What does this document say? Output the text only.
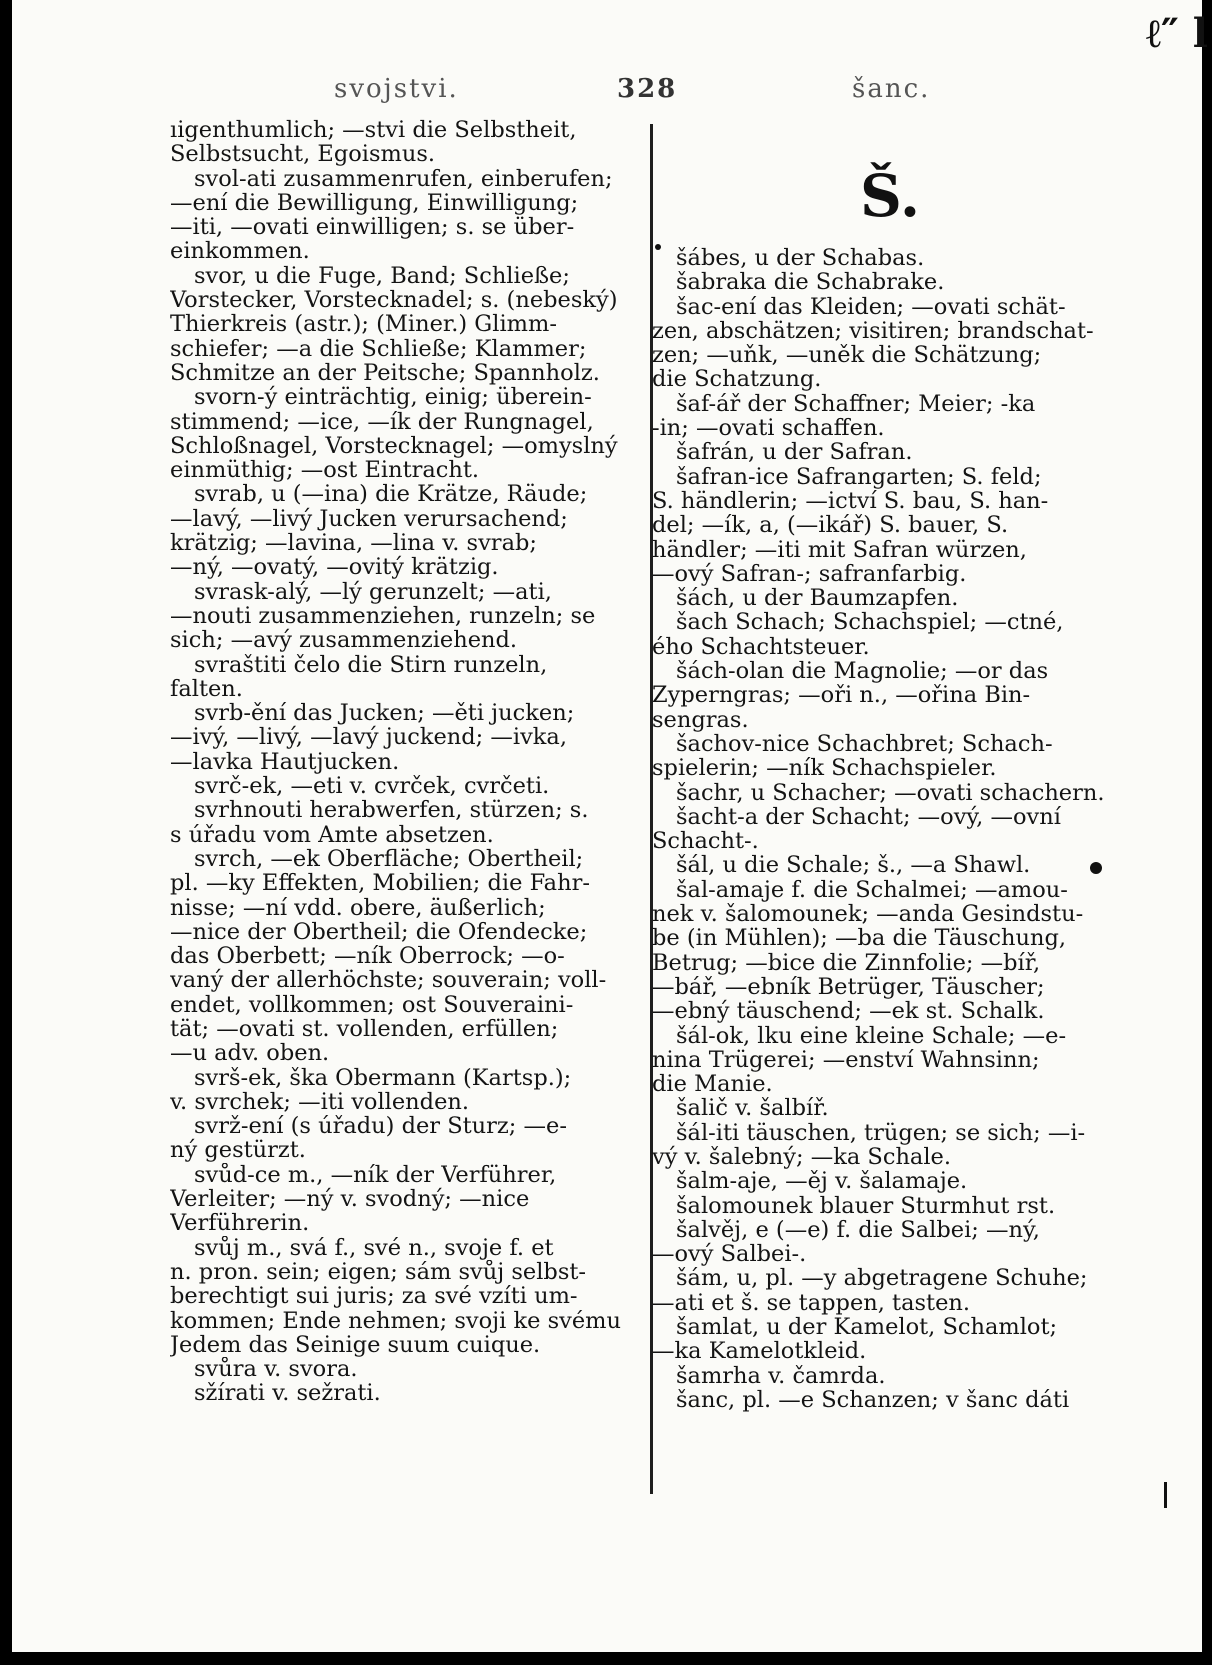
svojstvi.	328	šanc.
ıigenthumlich; —stvi die Selbstheit,
Selbstsucht, Egoismus.
svol-ati zusammenrufen, einberufen;
—ení die Bewilligung, Einwilligung;
—iti, —ovati einwilligen; s. se über-
einkommen.
svor, u die Fuge, Band; Schließe;
Vorstecker, Vorstecknadel; s. (nebeský)
Thierkreis (astr.); (Miner.) Glimm-
schiefer; —a die Schließe; Klammer;
Schmitze an der Peitsche; Spannholz.
svorn-ý einträchtig, einig; überein-
stimmend; —ice, —ík der Rungnagel,
Schloßnagel, Vorstecknagel; —omyslný
einmüthig; —ost Eintracht.
svrab, u (—ina) die Krätze, Räude;
—lavý, —livý Jucken verursachend;
krätzig; —lavina, —lina v. svrab;
—ný, —ovatý, —ovitý krätzig.
svrask-alý, —lý gerunzelt; —ati,
—nouti zusammenziehen, runzeln; se
sich; —avý zusammenziehend.
svraštiti čelo die Stirn runzeln,
falten.
svrb-ění das Jucken; —ěti jucken;
—ivý, —livý, —lavý juckend; —ivka,
—lavka Hautjucken.
svrč-ek, —eti v. cvrček, cvrčeti.
svrhnouti herabwerfen, stürzen; s.
s úřadu vom Amte absetzen.
svrch, —ek Oberfläche; Obertheil;
pl. —ky Effekten, Mobilien; die Fahr-
nisse; —ní vdd. obere, äußerlich;
—nice der Obertheil; die Ofendecke;
das Oberbett; —ník Oberrock; —o-
vaný der allerhöchste; souverain; voll-
endet, vollkommen; ost Souveraini-
tät; —ovati st. vollenden, erfüllen;
—u adv. oben.
svrš-ek, ška Obermann (Kartsp.);
v. svrchek; —iti vollenden.
svrž-ení (s úřadu) der Sturz; —e-
ný gestürzt.
svůd-ce m., —ník der Verführer,
Verleiter; —ný v. svodný; —nice
Verführerin.
svůj m., svá f., své n., svoje f. et
n. pron. sein; eigen; sám svůj selbst-
berechtigt sui juris; za své vzíti um-
kommen; Ende nehmen; svoji ke svému
Jedem das Seinige suum cuique.
svůra v. svora.
sžírati v. sežrati.
Š.
šábes, u der Schabas.
šabraka die Schabrake.
šac-ení das Kleiden; —ovati schät-
zen, abschätzen; visitiren; brandschat-
zen; —uňk, —uněk die Schätzung;
die Schatzung.
šaf-ář der Schaffner; Meier; -ka
-in; —ovati schaffen.
šafrán, u der Safran.
šafran-ice Safrangarten; S. feld;
S. händlerin; —ictví S. bau, S. han-
del; —ík, a, (—ikář) S. bauer, S.
händler; —iti mit Safran würzen,
—ový Safran-; safranfarbig.
šách, u der Baumzapfen.
šach Schach; Schachspiel; —ctné,
ého Schachtsteuer.
šách-olan die Magnolie; —or das
Zyperngras; —oři n., —ořina Bin-
sengras.
šachov-nice Schachbret; Schach-
spielerin; —ník Schachspieler.
šachr, u Schacher; —ovati schachern.
šacht-a der Schacht; —ový, —ovní
Schacht-.
šál, u die Schale; š., —a Shawl.
šal-amaje f. die Schalmei; —amou-
nek v. šalomounek; —anda Gesindstu-
be (in Mühlen); —ba die Täuschung,
Betrug; —bice die Zinnfolie; —bíř,
—bář, —ebník Betrüger, Täuscher;
—ebný täuschend; —ek st. Schalk.
šál-ok, lku eine kleine Schale; —e-
nina Trügerei; —enství Wahnsinn;
die Manie.
šalič v. šalbíř.
šál-iti täuschen, trügen; se sich; —i-
vý v. šalebný; —ka Schale.
šalm-aje, —ěj v. šalamaje.
šalomounek blauer Sturmhut rst.
šalvěj, e (—e) f. die Salbei; —ný,
—ový Salbei-.
šám, u, pl. —y abgetragene Schuhe;
—ati et š. se tappen, tasten.
šamlat, u der Kamelot, Schamlot;
—ka Kamelotkleid.
šamrha v. čamrda.
šanc, pl. —e Schanzen; v šanc dáti
ℓ″ l
